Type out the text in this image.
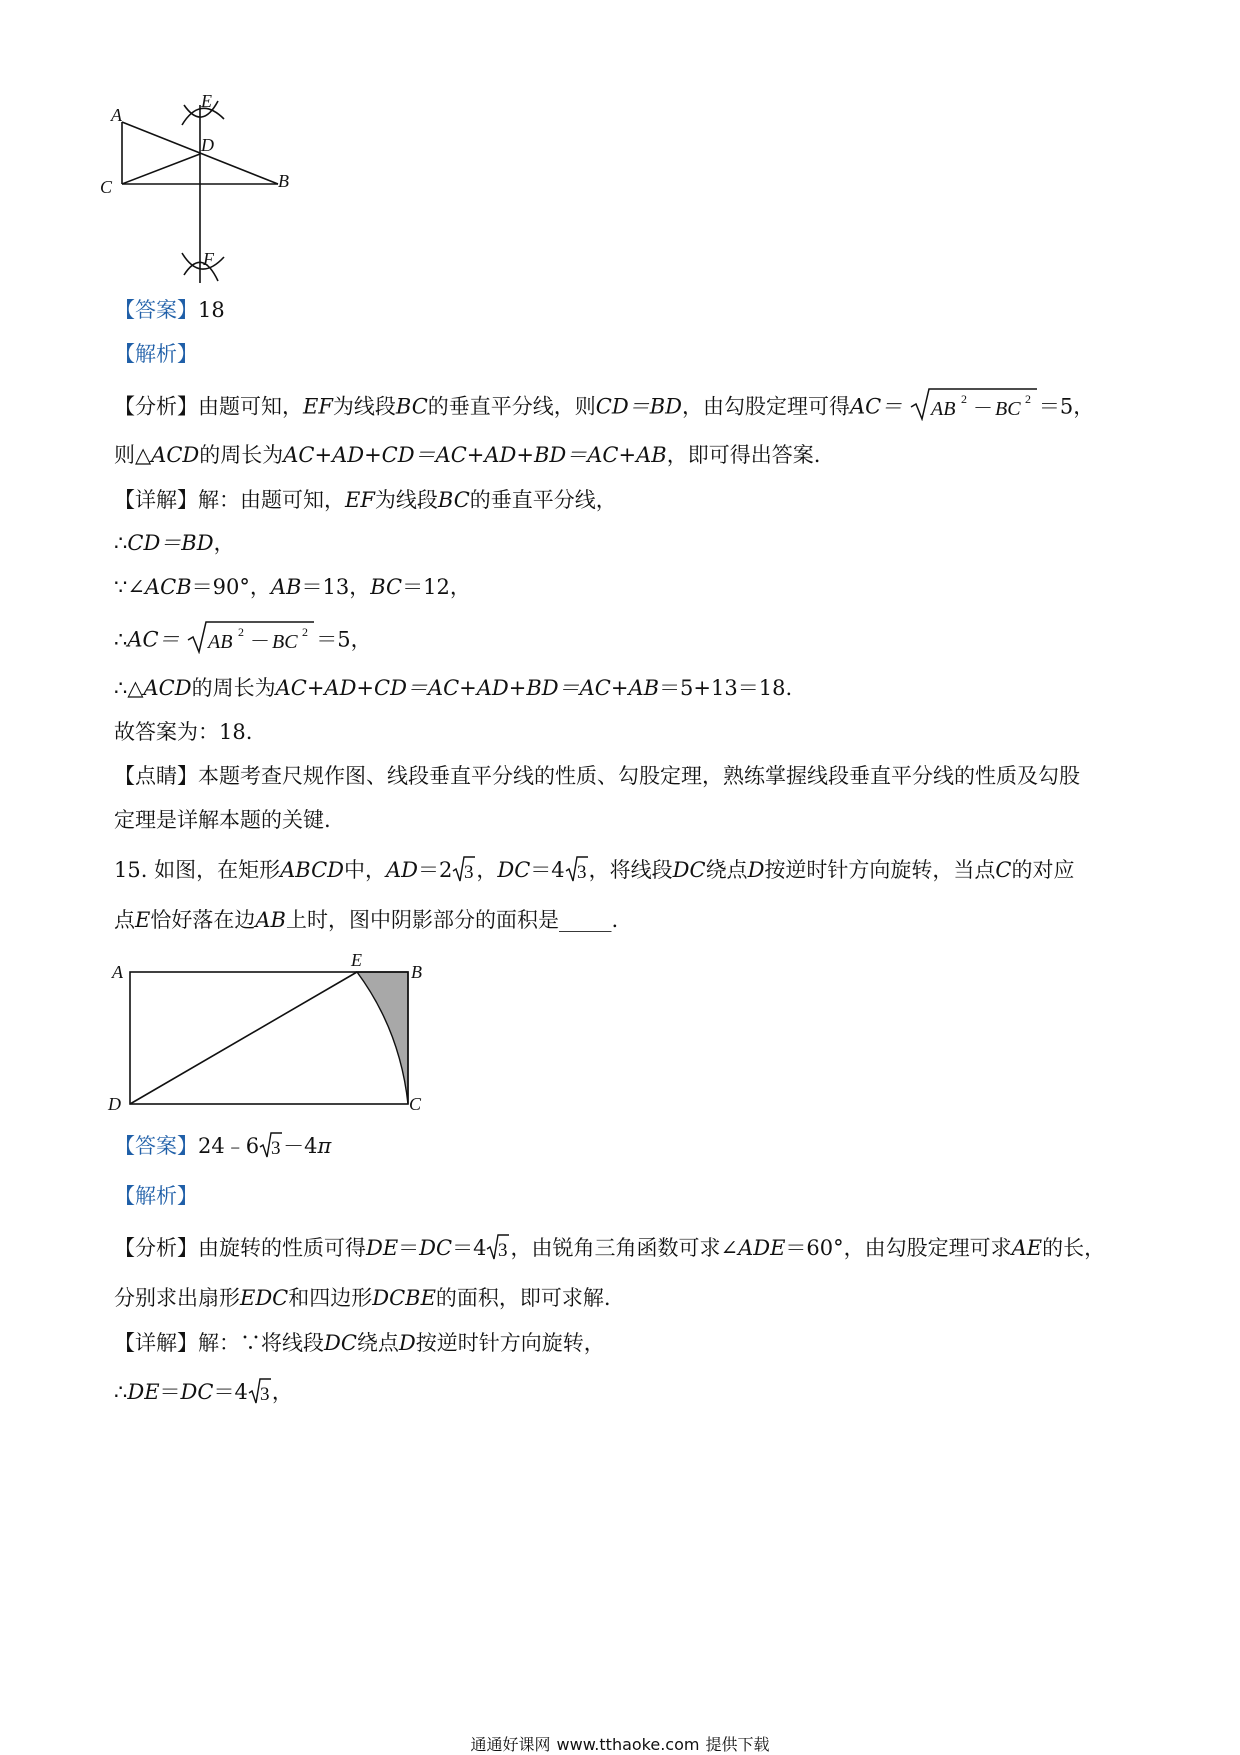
A
E
D
C	B
F
【答案】18
【解析】
【分析】由题可知，EF为线段BC的垂直平分线，则CD＝BD，由勾股定理可得AC＝ AB 2 － BC 2 ＝5，
则△ACD的周长为AC+AD+CD＝AC+AD+BD＝AC+AB，即可得出答案.
【详解】解：由题可知，EF为线段BC的垂直平分线，
∴CD＝BD，
∵∠ACB＝90°，AB＝13，BC＝12，
∴AC＝ AB 2 － BC 2 ＝5，
∴△ACD的周长为AC+AD+CD＝AC+AD+BD＝AC+AB＝5+13＝18.
故答案为：18.
【点睛】本题考查尺规作图、线段垂直平分线的性质、勾股定理，熟练掌握线段垂直平分线的性质及勾股
定理是详解本题的关键.
15. 如图，在矩形ABCD中，AD＝2 3 ，DC＝4 3 ，将线段DC绕点D按逆时针方向旋转，当点C的对应
点E恰好落在边AB上时，图中阴影部分的面积是_____.
A
E
B
D	C
【答案】24﹣6 3 －4π
【解析】
【分析】由旋转的性质可得DE＝DC＝4 3 ，由锐角三角函数可求∠ADE＝60°，由勾股定理可求AE的长，
分别求出扇形EDC和四边形DCBE的面积，即可求解.
【详解】解：∵将线段DC绕点D按逆时针方向旋转，
∴DE＝DC＝4 3 ，
通通好课网 www.tthaoke.com 提供下载
